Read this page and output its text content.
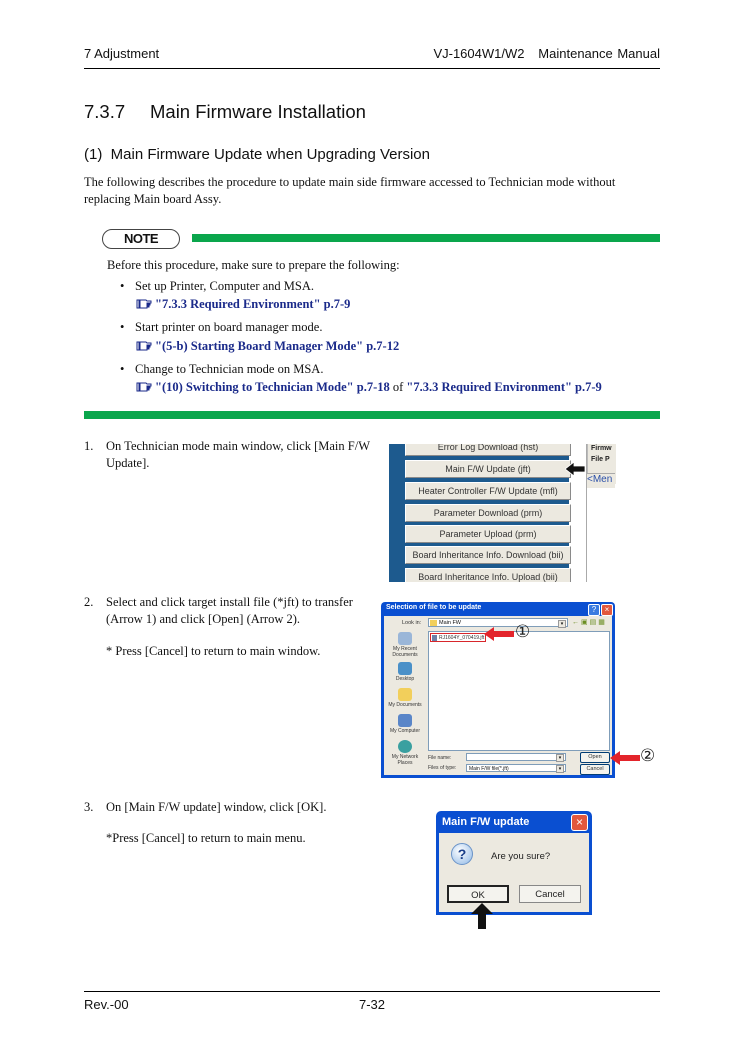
7 Adjustment	VJ-1604W1/W2   Maintenance Manual
7.3.7 Main Firmware Installation
(1)  Main Firmware Update when Upgrading Version
The following describes the procedure to update main side firmware accessed to Technician mode without replacing Main board Assy.
NOTE
Before this procedure, make sure to prepare the following:
• Set up Printer, Computer and MSA.
"7.3.3 Required Environment" p.7-9
• Start printer on board manager mode.
"(5-b) Starting Board Manager Mode" p.7-12
• Change to Technician mode on MSA.
"(10) Switching to Technician Mode" p.7-18 of "7.3.3 Required Environment" p.7-9
1. On Technician mode main window, click [Main F/W Update].
2. Select and click target install file (*jft) to transfer (Arrow 1) and click [Open] (Arrow 2).
* Press [Cancel] to return to main window.
3. On [Main F/W update] window, click [OK].
*Press [Cancel] to return to main menu.
Error Log Download (hst)
Main F/W Update (jft)
Heater Controller F/W Update (mfl)
Parameter Download (prm)
Parameter Upload (prm)
Board Inheritance Info. Download (bii)
Board Inheritance Info. Upload (bii)
Firmw
File P
<Men
Selection of file to be update	?	×
Look in:	Main FW	▾	←▣▤▦
My Recent Documents
Desktop
My Documents
My Computer
My Network Places
RJ1604Y_070419.jft
File name:	▾
Files of type:	Main F/W file(*.jft)	▾
Open
Cancel
①
②
Main F/W update	×
?	Are you sure?
OK	Cancel
Rev.-00	7-32
